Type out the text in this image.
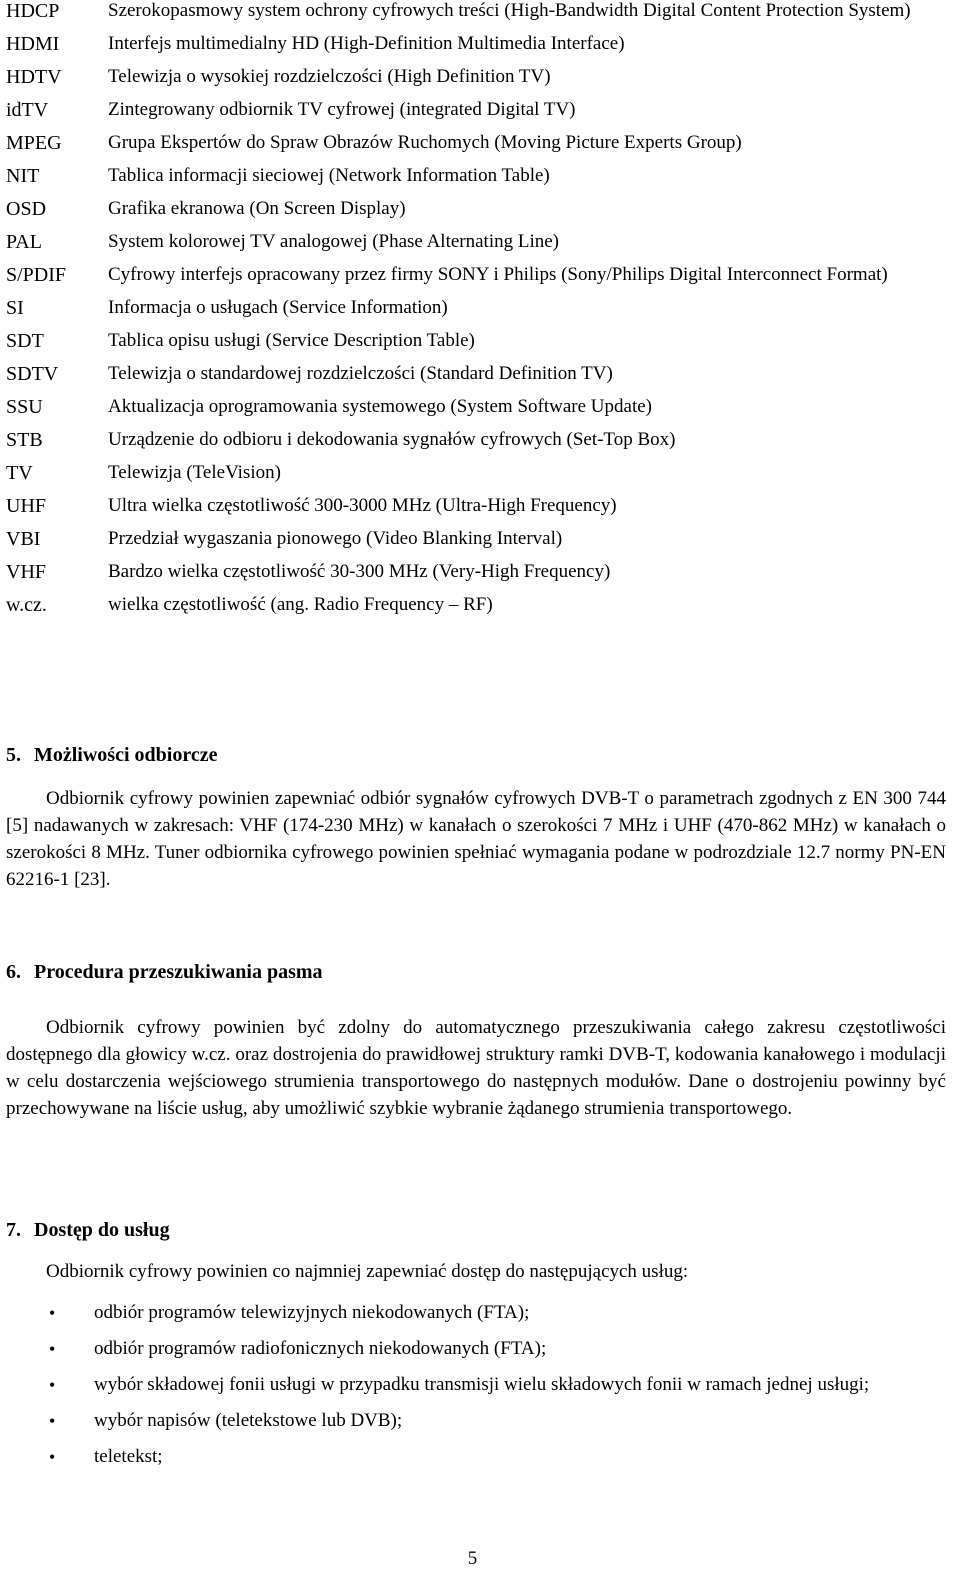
HDCP	Szerokopasmowy system ochrony cyfrowych treści (High-Bandwidth Digital Content Protection System)
HDMI	Interfejs multimedialny HD (High-Definition Multimedia Interface)
HDTV	Telewizja o wysokiej rozdzielczości (High Definition TV)
idTV	Zintegrowany odbiornik TV cyfrowej (integrated Digital TV)
MPEG	Grupa Ekspertów do Spraw Obrazów Ruchomych (Moving Picture Experts Group)
NIT	Tablica informacji sieciowej (Network Information Table)
OSD	Grafika ekranowa (On Screen Display)
PAL	System kolorowej TV analogowej (Phase Alternating Line)
S/PDIF	Cyfrowy interfejs opracowany przez firmy SONY i Philips (Sony/Philips Digital Interconnect Format)
SI	Informacja o usługach (Service Information)
SDT	Tablica opisu usługi (Service Description Table)
SDTV	Telewizja o standardowej rozdzielczości (Standard Definition TV)
SSU	Aktualizacja oprogramowania systemowego (System Software Update)
STB	Urządzenie do odbioru i dekodowania sygnałów cyfrowych (Set-Top Box)
TV	Telewizja (TeleVision)
UHF	Ultra wielka częstotliwość 300-3000 MHz (Ultra-High Frequency)
VBI	Przedział wygaszania pionowego (Video Blanking Interval)
VHF	Bardzo wielka częstotliwość 30-300 MHz (Very-High Frequency)
w.cz.	wielka częstotliwość (ang. Radio Frequency – RF)
5. Możliwości odbiorcze

Odbiornik cyfrowy powinien zapewniać odbiór sygnałów cyfrowych DVB-T o parametrach zgodnych z EN 300 744 [5] nadawanych w zakresach: VHF (174-230 MHz) w kanałach o szerokości 7 MHz i UHF (470-862 MHz) w kanałach o szerokości 8 MHz. Tuner odbiornika cyfrowego powinien spełniać wymagania podane w podrozdziale 12.7 normy PN-EN 62216-1 [23].

6. Procedura przeszukiwania pasma

Odbiornik cyfrowy powinien być zdolny do automatycznego przeszukiwania całego zakresu częstotliwości dostępnego dla głowicy w.cz. oraz dostrojenia do prawidłowej struktury ramki DVB-T, kodowania kanałowego i modulacji w celu dostarczenia wejściowego strumienia transportowego do następnych modułów. Dane o dostrojeniu powinny być przechowywane na liście usług, aby umożliwić szybkie wybranie żądanego strumienia transportowego.

7. Dostęp do usług

Odbiornik cyfrowy powinien co najmniej zapewniać dostęp do następujących usług:

• odbiór programów telewizyjnych niekodowanych (FTA);
• odbiór programów radiofonicznych niekodowanych (FTA);
• wybór składowej fonii usługi w przypadku transmisji wielu składowych fonii w ramach jednej usługi;
• wybór napisów (teletekstowe lub DVB);
• teletekst;
5
